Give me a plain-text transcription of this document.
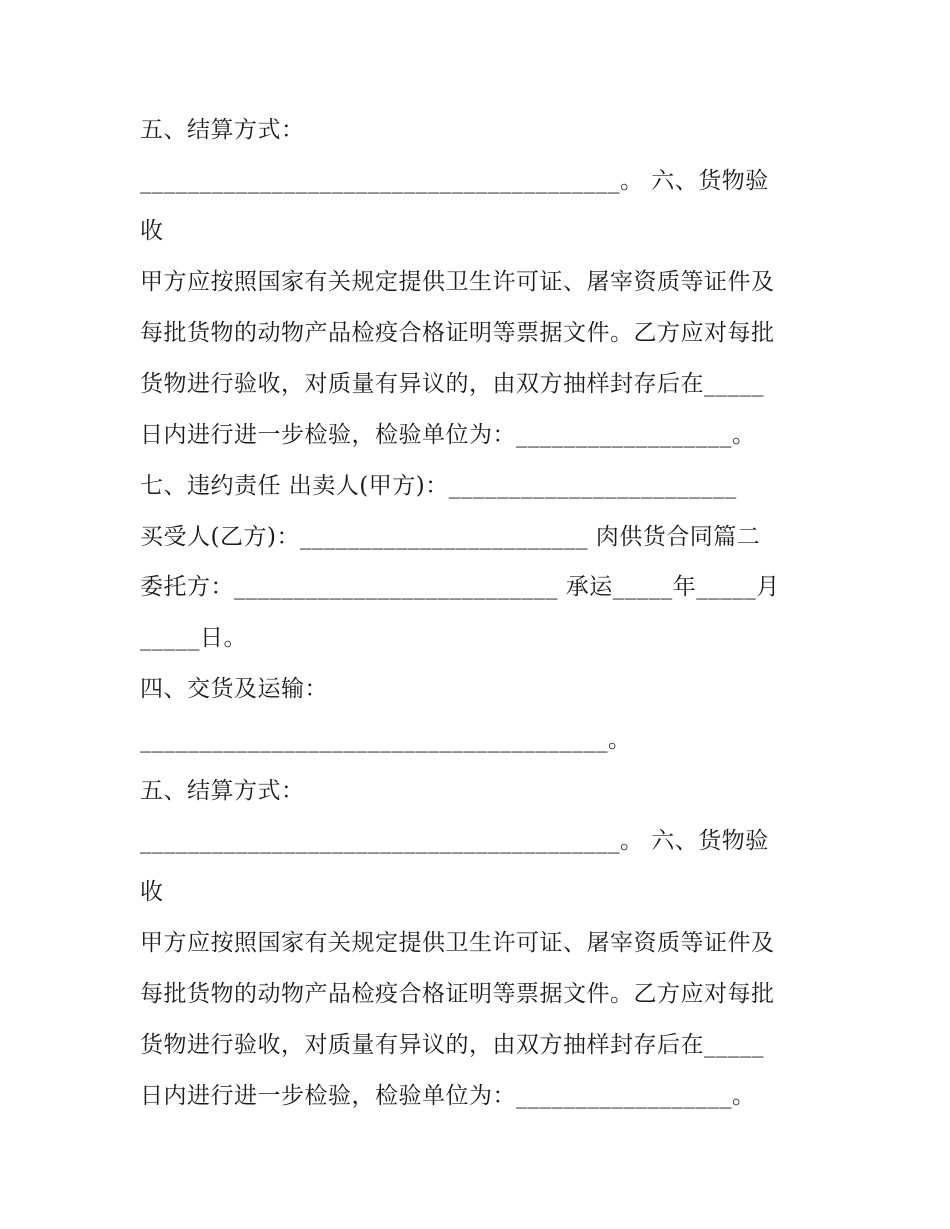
五、结算方式：
________________________________________。 六、货物验
收
甲方应按照国家有关规定提供卫生许可证、屠宰资质等证件及
每批货物的动物产品检疫合格证明等票据文件。乙方应对每批
货物进行验收，对质量有异议的，由双方抽样封存后在_____
日内进行进一步检验，检验单位为：__________________。
七、违约责任 出卖人(甲方)：________________________
买受人(乙方)：________________________ 肉供货合同篇二
委托方：___________________________ 承运_____年_____月
_____日。
四、交货及运输：
_______________________________________。
五、结算方式：
________________________________________。 六、货物验
收
甲方应按照国家有关规定提供卫生许可证、屠宰资质等证件及
每批货物的动物产品检疫合格证明等票据文件。乙方应对每批
货物进行验收，对质量有异议的，由双方抽样封存后在_____
日内进行进一步检验，检验单位为：__________________。
